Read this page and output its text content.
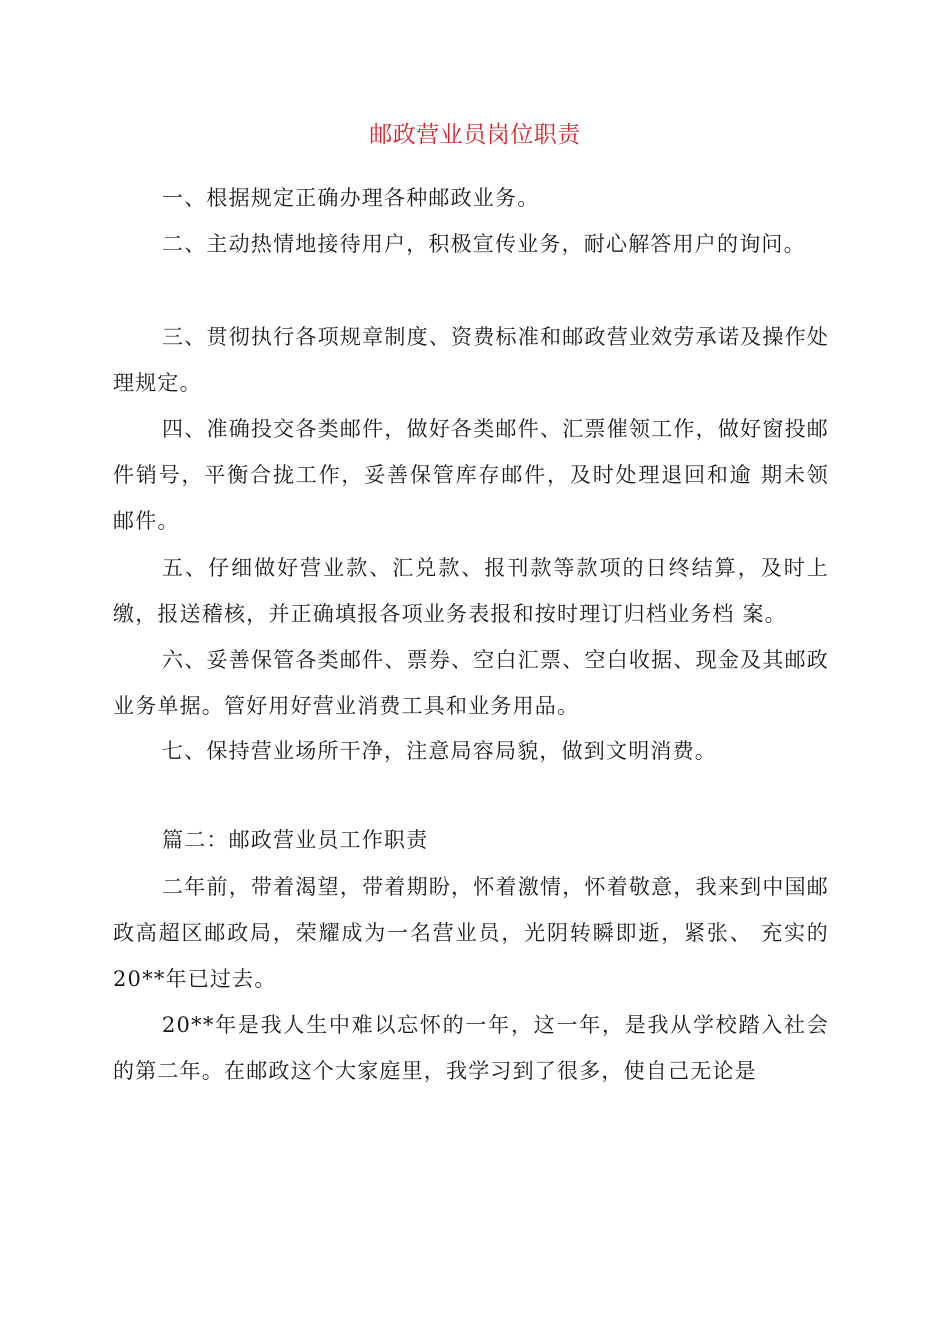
邮政营业员岗位职责
一、根据规定正确办理各种邮政业务。
二、主动热情地接待用户，积极宣传业务，耐心解答用户的询问。
三、贯彻执行各项规章制度、资费标准和邮政营业效劳承诺及操作处理规定。
四、准确投交各类邮件，做好各类邮件、汇票催领工作，做好窗投邮件销号，平衡合拢工作，妥善保管库存邮件，及时处理退回和逾 期未领邮件。
五、仔细做好营业款、汇兑款、报刊款等款项的日终结算，及时上缴，报送稽核，并正确填报各项业务表报和按时理订归档业务档 案。
六、妥善保管各类邮件、票券、空白汇票、空白收据、现金及其邮政业务单据。管好用好营业消费工具和业务用品。
七、保持营业场所干净，注意局容局貌，做到文明消费。
篇二：邮政营业员工作职责
二年前，带着渴望，带着期盼，怀着激情，怀着敬意，我来到中国邮政高超区邮政局，荣耀成为一名营业员，光阴转瞬即逝，紧张、 充实的20**年已过去。
20**年是我人生中难以忘怀的一年，这一年，是我从学校踏入社会的第二年。在邮政这个大家庭里，我学习到了很多，使自己无论是
